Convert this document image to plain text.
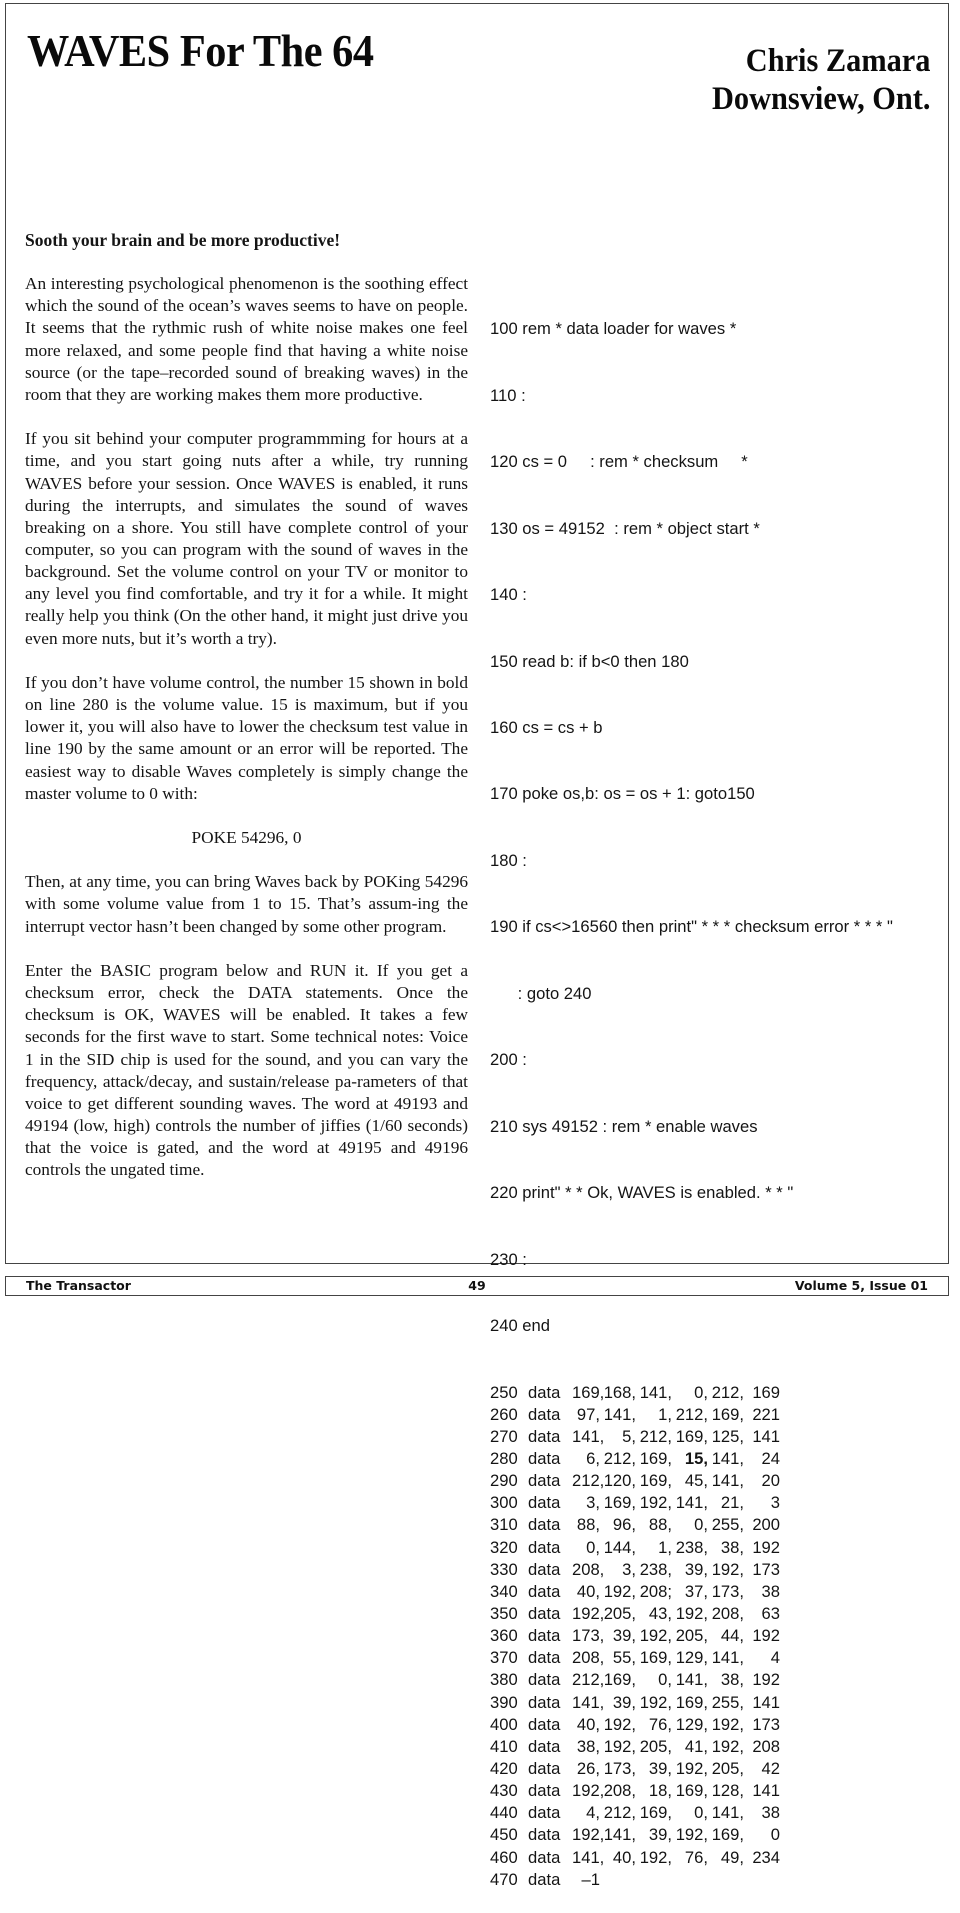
WAVES For The 64	Chris Zamara
Downsview, Ont.
Sooth your brain and be more productive!

An interesting psychological phenomenon is the soothing effect which the sound of the ocean’s waves seems to have on people. It seems that the rythmic rush of white noise makes one feel more relaxed, and some people find that having a white noise source (or the tape–recorded sound of breaking waves) in the room that they are working makes them more productive.

If you sit behind your computer programmming for hours at a time, and you start going nuts after a while, try running WAVES before your session. Once WAVES is enabled, it runs during the interrupts, and simulates the sound of waves breaking on a shore. You still have complete control of your computer, so you can program with the sound of waves in the background. Set the volume control on your TV or monitor to any level you find comfortable, and try it for a while. It might really help you think (On the other hand, it might just drive you even more nuts, but it’s worth a try).

If you don’t have volume control, the number 15 shown in bold on line 280 is the volume value. 15 is maximum, but if you lower it, you will also have to lower the checksum test value in line 190 by the same amount or an error will be reported. The easiest way to disable Waves completely is simply change the master volume to 0 with:

POKE 54296, 0

Then, at any time, you can bring Waves back by POKing 54296 with some volume value from 1 to 15. That’s assum-ing the interrupt vector hasn’t been changed by some other program.

Enter the BASIC program below and RUN it. If you get a checksum error, check the DATA statements. Once the checksum is OK, WAVES will be enabled. It takes a few seconds for the first wave to start. Some technical notes: Voice 1 in the SID chip is used for the sound, and you can vary the frequency, attack/decay, and sustain/release pa-rameters of that voice to get different sounding waves. The word at 49193 and 49194 (low, high) controls the number of jiffies (1/60 seconds) that the voice is gated, and the word at 49195 and 49196 controls the ungated time.

100 rem * data loader for waves *

110 :

120 cs = 0     : rem * checksum     *

130 os = 49152  : rem * object start *

140 :

150 read b: if b<0 then 180

160 cs = cs + b

170 poke os,b: os = os + 1: goto150

180 :

190 if cs<>16560 then print" * * * checksum error * * * "

: goto 240

200 :

210 sys 49152 : rem * enable waves

220 print" * * Ok, WAVES is enabled. * * "

230 :

240 end

250 data 169,168, 141, 0, 212, 169
260 data 97, 141, 1, 212, 169, 221
270 data 141, 5, 212, 169, 125, 141
280 data 6, 212, 169, 15, 141, 24
290 data 212,120, 169, 45, 141, 20
300 data 3, 169, 192, 141, 21, 3
310 data 88, 96, 88, 0, 255, 200
320 data 0, 144, 1, 238, 38, 192
330 data 208, 3, 238, 39, 192, 173
340 data 40, 192, 208; 37, 173, 38
350 data 192,205, 43, 192, 208, 63
360 data 173, 39, 192, 205, 44, 192
370 data 208, 55, 169, 129, 141, 4
380 data 212,169, 0, 141, 38, 192
390 data 141, 39, 192, 169, 255, 141
400 data 40, 192, 76, 129, 192, 173
410 data 38, 192, 205, 41, 192, 208
420 data 26, 173, 39, 192, 205, 42
430 data 192,208, 18, 169, 128, 141
440 data 4, 212, 169, 0, 141, 38
450 data 192,141, 39, 192, 169, 0
460 data 141, 40, 192, 76, 49, 234
470 data –1

The Transactor	49	Volume 5, Issue 01
